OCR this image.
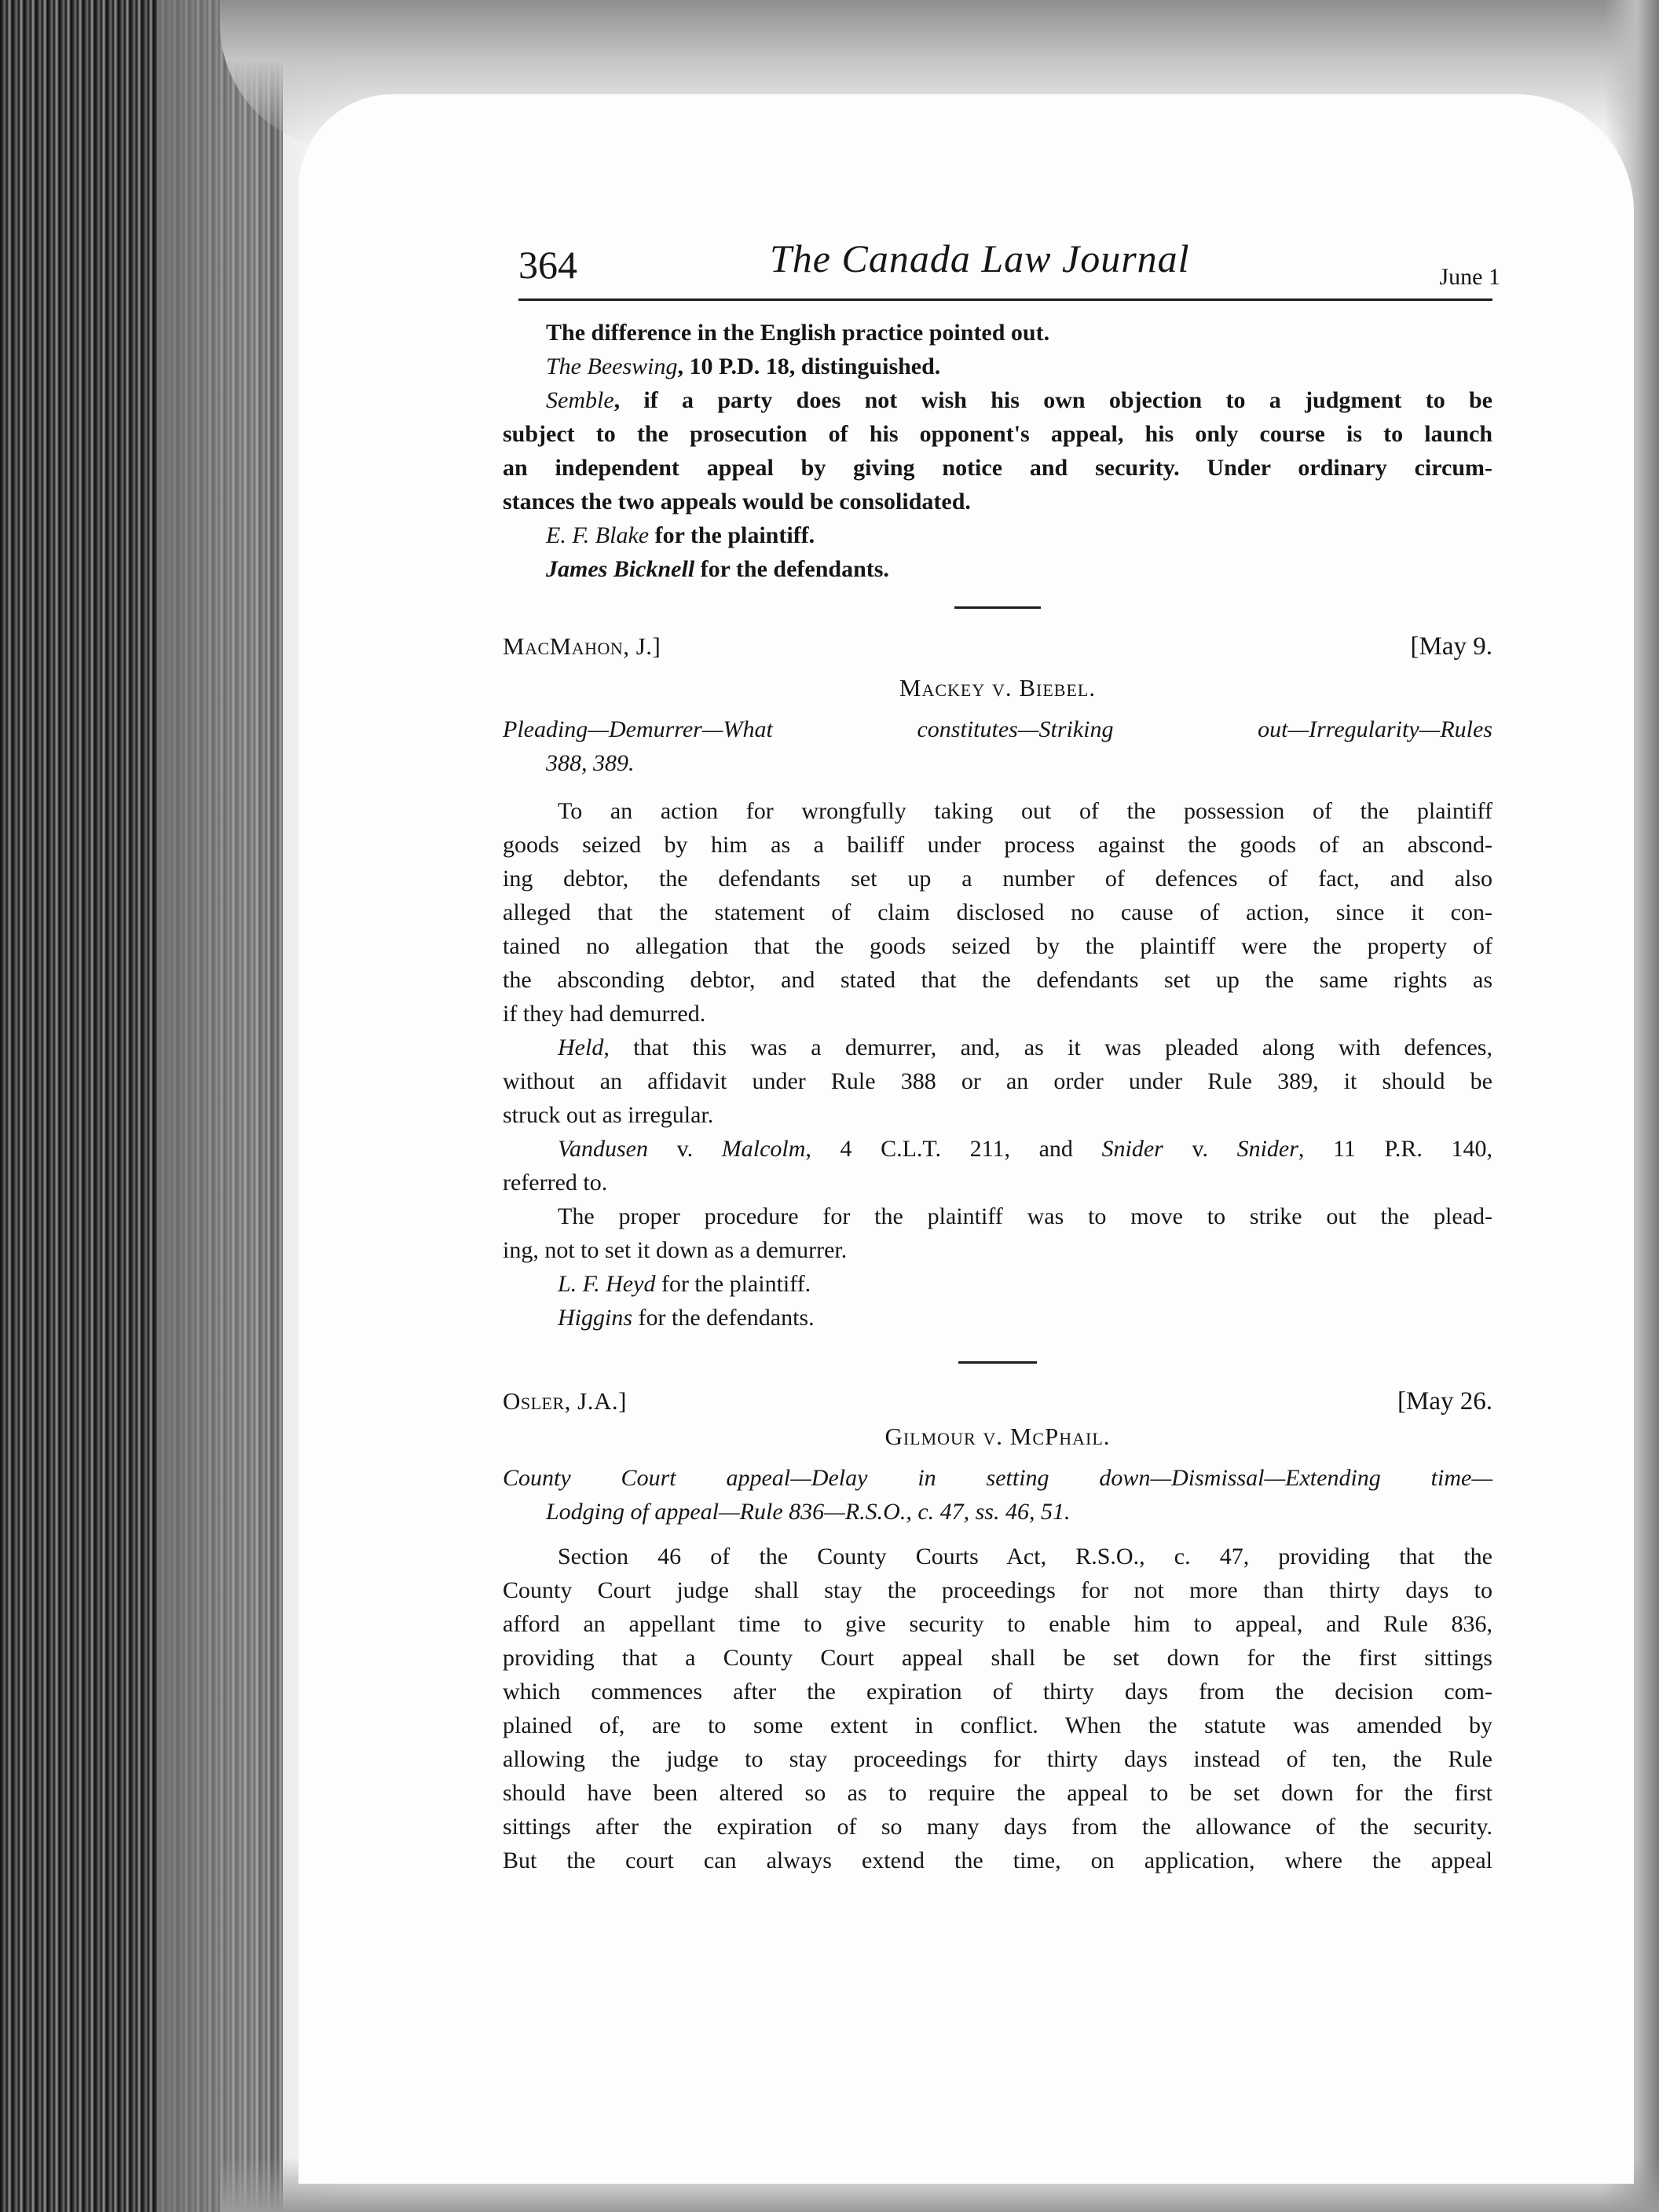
364	The Canada Law Journal	June 1
The difference in the English practice pointed out.
The Beeswing, 10 P.D. 18, distinguished.
Semble, if a party does not wish his own objection to a judgment to be
subject to the prosecution of his opponent's appeal, his only course is to launch
an independent appeal by giving notice and security. Under ordinary circum-
stances the two appeals would be consolidated.
E. F. Blake for the plaintiff.
James Bicknell for the defendants.
MacMahon, J.]	[May 9.
Mackey v. Biebel.
Pleading—Demurrer—What constitutes—Striking out—Irregularity—Rules
388, 389.
To an action for wrongfully taking out of the possession of the plaintiff
goods seized by him as a bailiff under process against the goods of an abscond-
ing debtor, the defendants set up a number of defences of fact, and also
alleged that the statement of claim disclosed no cause of action, since it con-
tained no allegation that the goods seized by the plaintiff were the property of
the absconding debtor, and stated that the defendants set up the same rights as
if they had demurred.
Held, that this was a demurrer, and, as it was pleaded along with defences,
without an affidavit under Rule 388 or an order under Rule 389, it should be
struck out as irregular.
Vandusen v. Malcolm, 4 C.L.T. 211, and Snider v. Snider, 11 P.R. 140,
referred to.
The proper procedure for the plaintiff was to move to strike out the plead-
ing, not to set it down as a demurrer.
L. F. Heyd for the plaintiff.
Higgins for the defendants.
Osler, J.A.]	[May 26.
Gilmour v. McPhail.
County Court appeal—Delay in setting down—Dismissal—Extending time—
Lodging of appeal—Rule 836—R.S.O., c. 47, ss. 46, 51.
Section 46 of the County Courts Act, R.S.O., c. 47, providing that the
County Court judge shall stay the proceedings for not more than thirty days to
afford an appellant time to give security to enable him to appeal, and Rule 836,
providing that a County Court appeal shall be set down for the first sittings
which commences after the expiration of thirty days from the decision com-
plained of, are to some extent in conflict. When the statute was amended by
allowing the judge to stay proceedings for thirty days instead of ten, the Rule
should have been altered so as to require the appeal to be set down for the first
sittings after the expiration of so many days from the allowance of the security.
But the court can always extend the time, on application, where the appeal
